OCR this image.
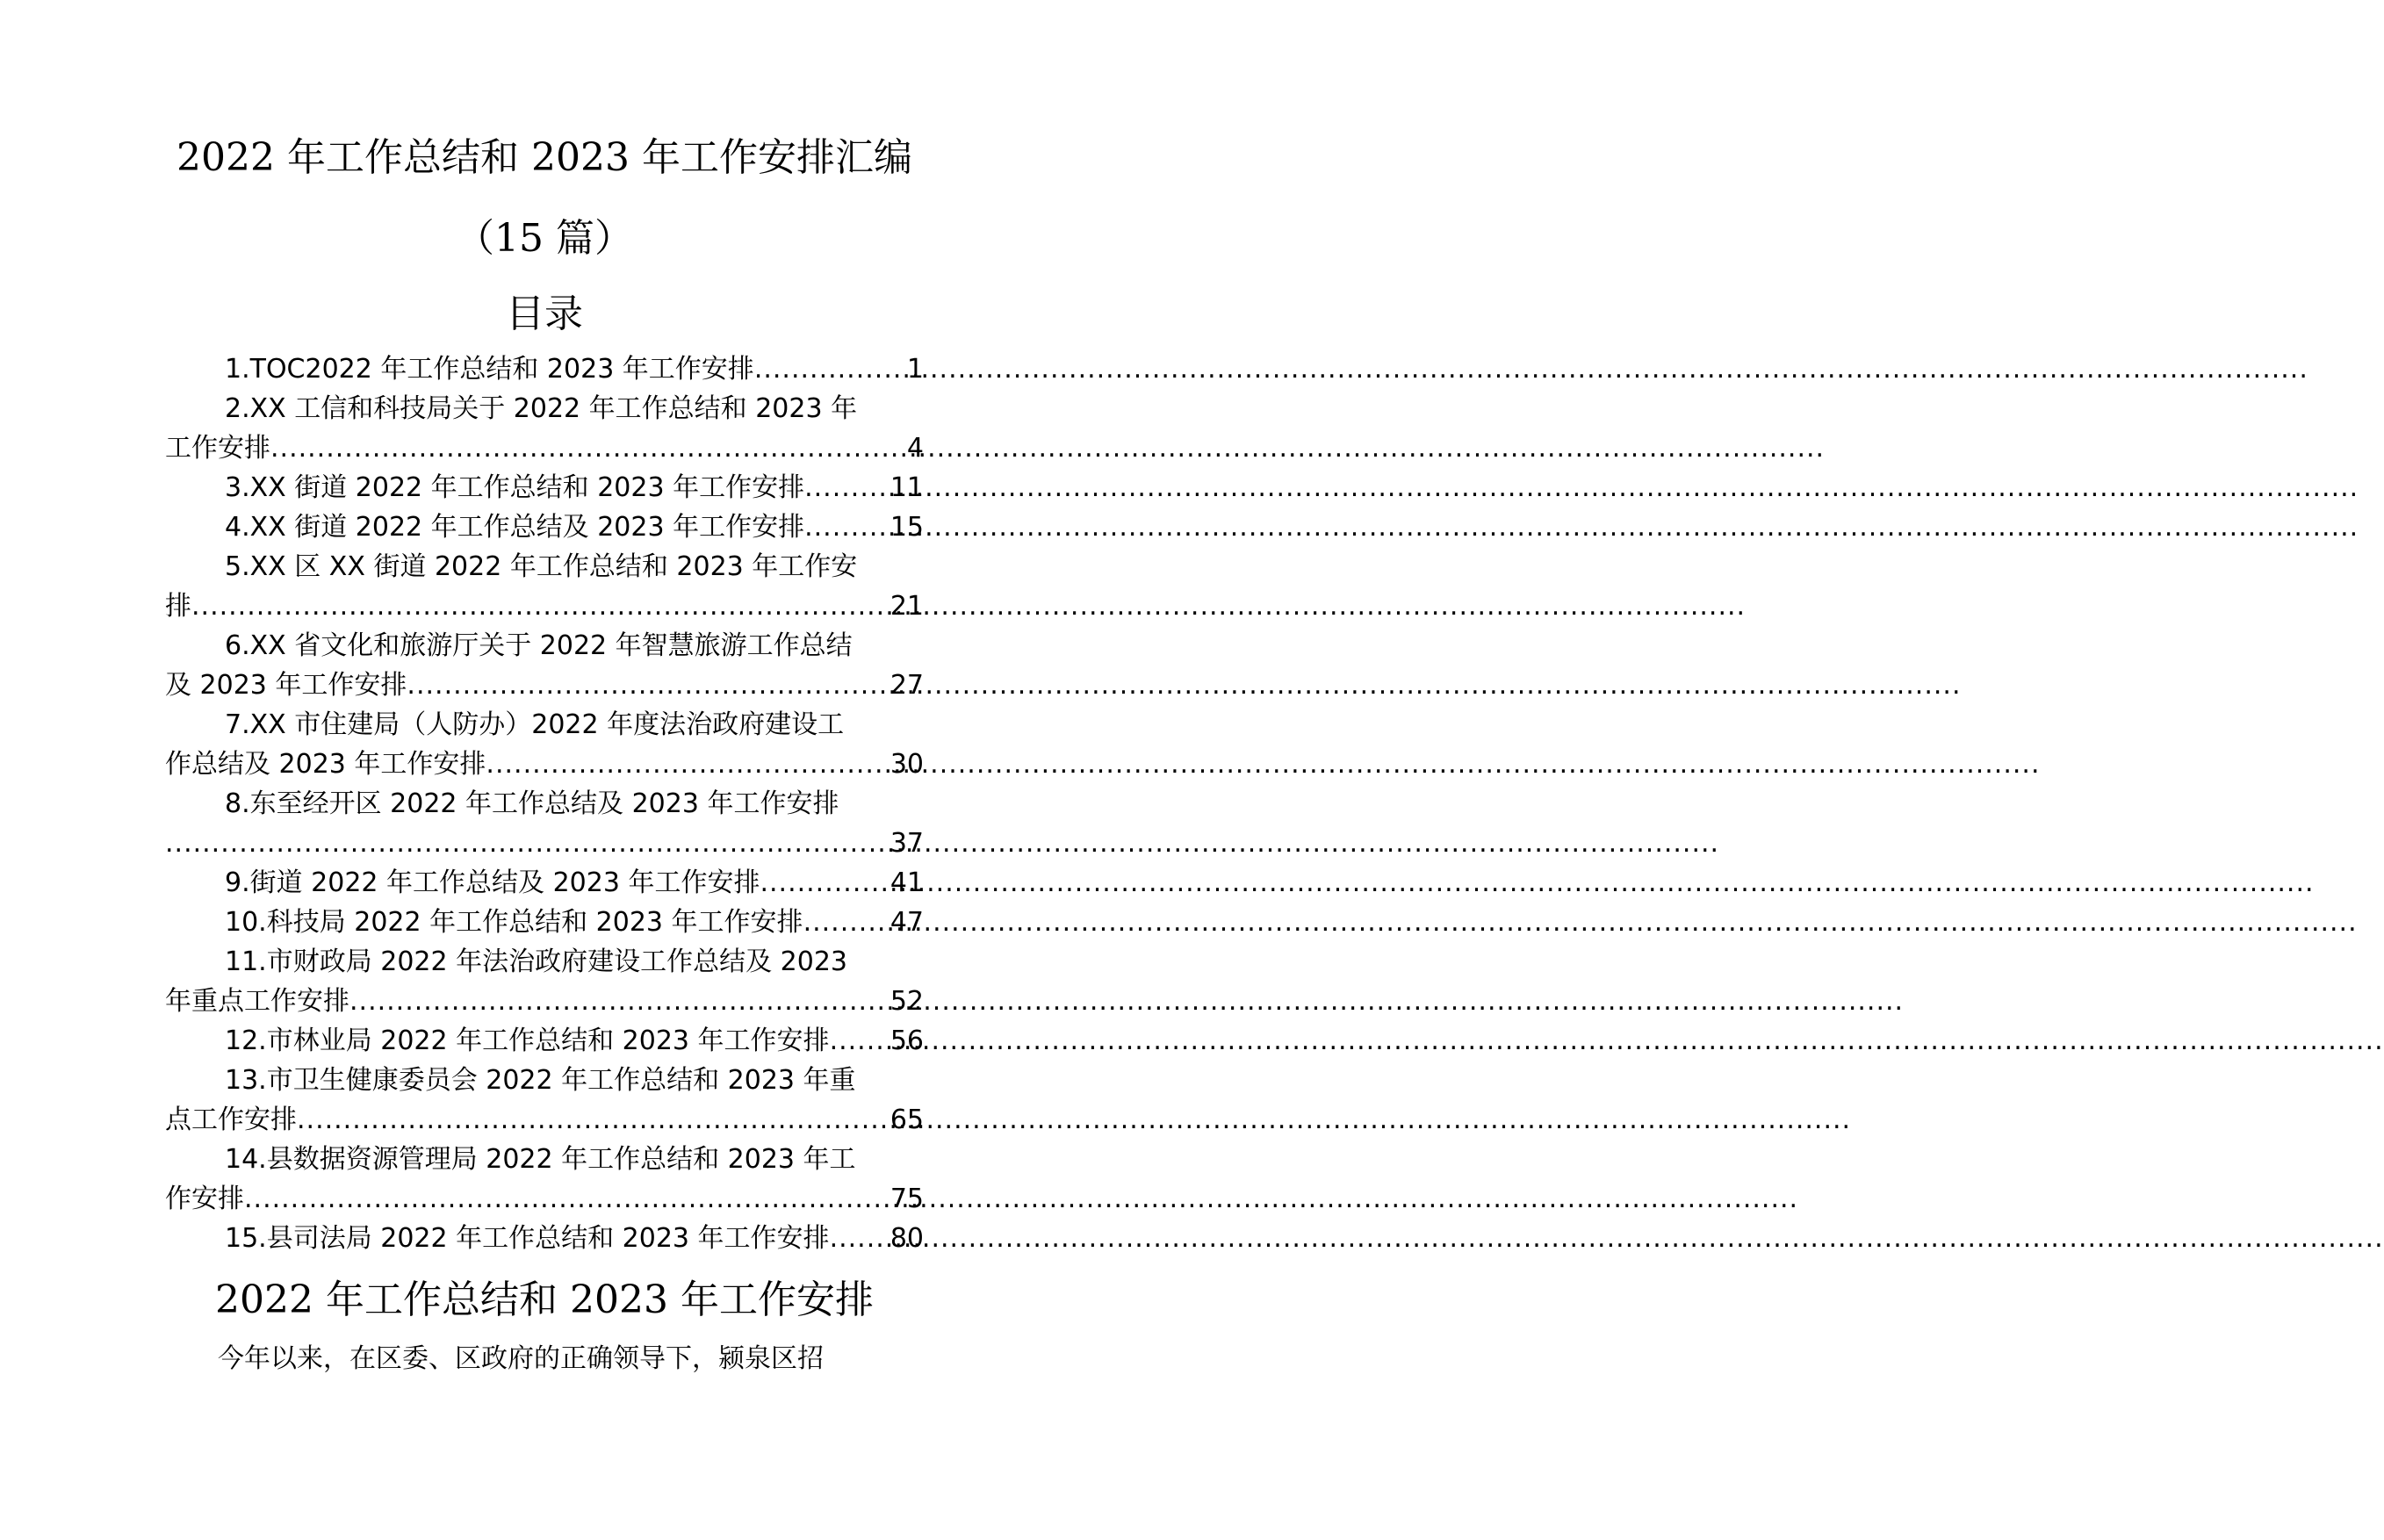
2022 年工作总结和 2023 年工作安排汇编
（15 篇）
目录
1.TOC2022 年工作总结和 2023 年工作安排 .....	1
2.XX 工信和科技局关于 2022 年工作总结和 2023 年
工作安排 .....	4
3.XX 街道 2022 年工作总结和 2023 年工作安排 .....	11
4.XX 街道 2022 年工作总结及 2023 年工作安排 .....	15
5.XX 区 XX 街道 2022 年工作总结和 2023 年工作安
排 .....	21
6.XX 省文化和旅游厅关于 2022 年智慧旅游工作总结
及 2023 年工作安排 .....	27
7.XX 市住建局（人防办）2022 年度法治政府建设工
作总结及 2023 年工作安排 .....	30
8.东至经开区 2022 年工作总结及 2023 年工作安排
.....
37
9.街道 2022 年工作总结及 2023 年工作安排 .....	41
10.科技局 2022 年工作总结和 2023 年工作安排 .....	47
11.市财政局 2022 年法治政府建设工作总结及 2023
年重点工作安排 .....	52
12.市林业局 2022 年工作总结和 2023 年工作安排 ..... 56
13.市卫生健康委员会 2022 年工作总结和 2023 年重
点工作安排 .....	65
14.县数据资源管理局 2022 年工作总结和 2023 年工
作安排 .....	75
15.县司法局 2022 年工作总结和 2023 年工作安排 ..... 80
2022 年工作总结和 2023 年工作安排
今年以来，在区委、区政府的正确领导下，颍泉区招
